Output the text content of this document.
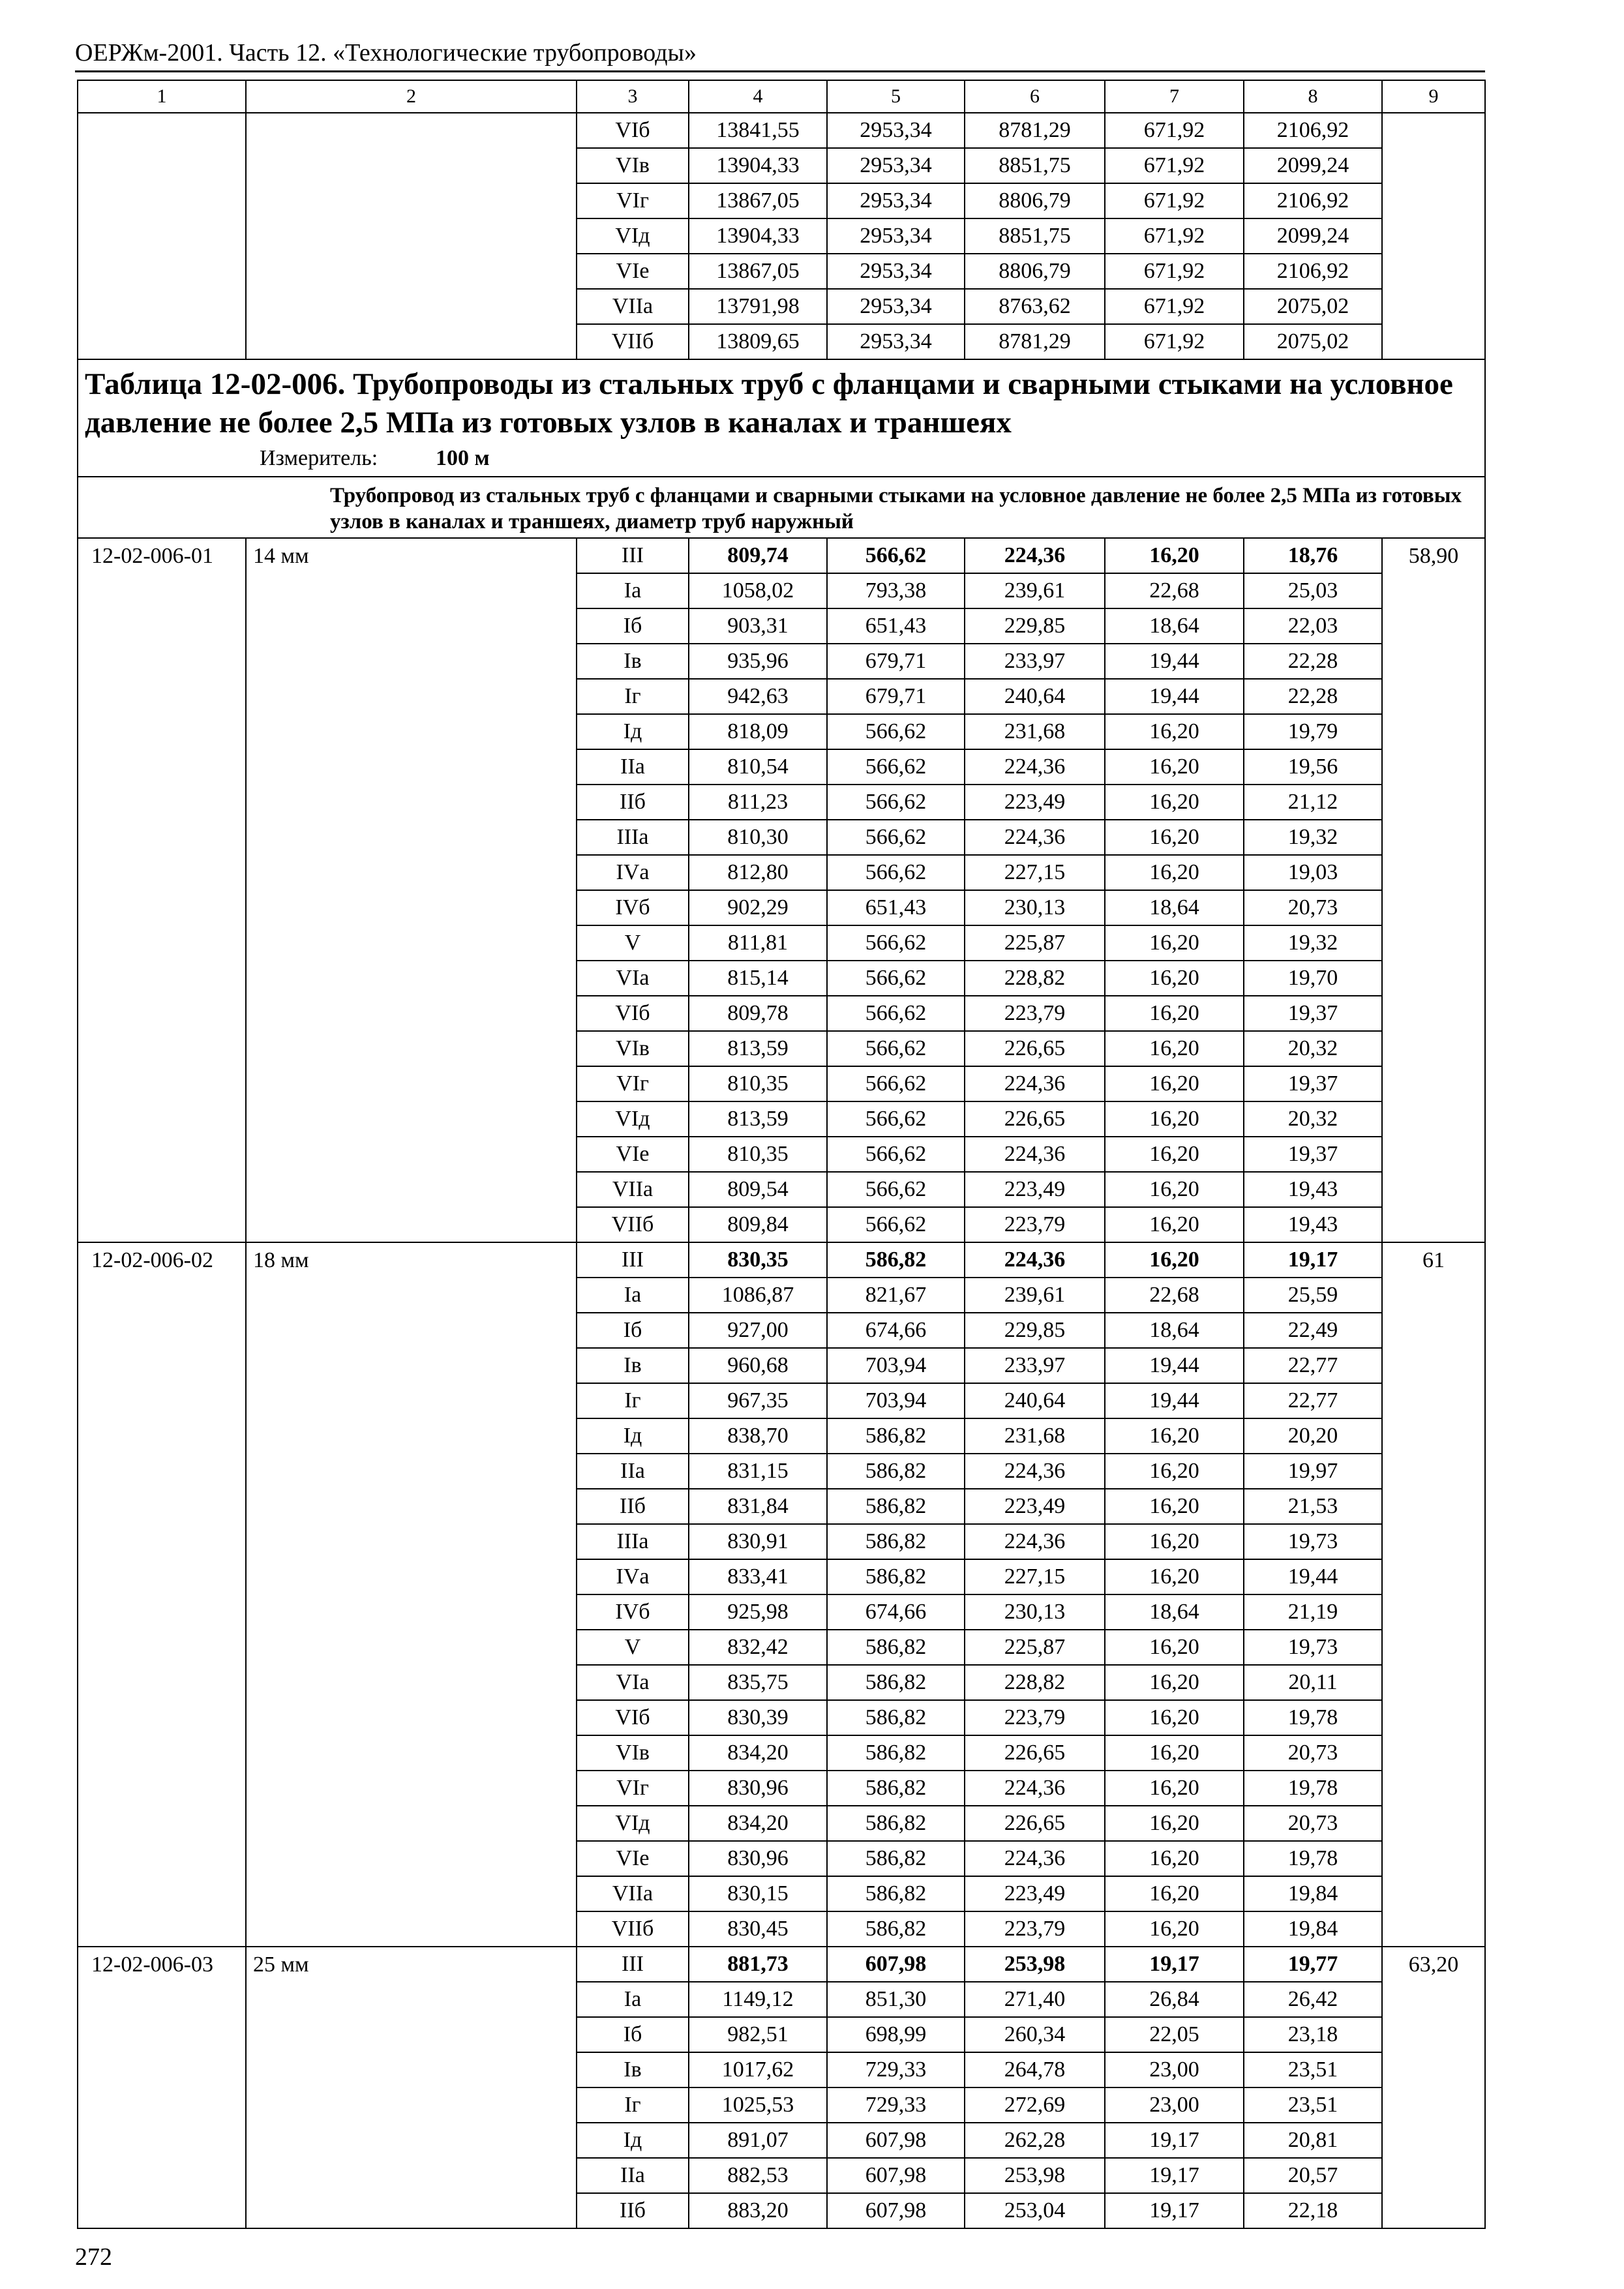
ОЕРЖм-2001. Часть 12. «Технологические трубопроводы»
1	2	3	4	5	6	7	8	9
		VIб	13841,55	2953,34	8781,29	671,92	2106,92	
		VIв	13904,33	2953,34	8851,75	671,92	2099,24	
		VIг	13867,05	2953,34	8806,79	671,92	2106,92	
		VIд	13904,33	2953,34	8851,75	671,92	2099,24	
		VIе	13867,05	2953,34	8806,79	671,92	2106,92	
		VIIа	13791,98	2953,34	8763,62	671,92	2075,02	
		VIIб	13809,65	2953,34	8781,29	671,92	2075,02	

Таблица 12-02-006. Трубопроводы из стальных труб с фланцами и сварными стыками на условное давление не более 2,5 МПа из готовых узлов в каналах и траншеях
Измеритель: 100 м								

Трубопровод из стальных труб с фланцами и сварными стыками на условное давление не более 2,5 МПа из готовых узлов в каналах и траншеях, диаметр труб наружный								
12-02-006-01	14 мм	III	809,74	566,62	224,36	16,20	18,76	58,90
		Iа	1058,02	793,38	239,61	22,68	25,03	
		Iб	903,31	651,43	229,85	18,64	22,03	
		Iв	935,96	679,71	233,97	19,44	22,28	
		Iг	942,63	679,71	240,64	19,44	22,28	
		Iд	818,09	566,62	231,68	16,20	19,79	
		IIа	810,54	566,62	224,36	16,20	19,56	
		IIб	811,23	566,62	223,49	16,20	21,12	
		IIIа	810,30	566,62	224,36	16,20	19,32	
		IVа	812,80	566,62	227,15	16,20	19,03	
		IVб	902,29	651,43	230,13	18,64	20,73	
		V	811,81	566,62	225,87	16,20	19,32	
		VIа	815,14	566,62	228,82	16,20	19,70	
		VIб	809,78	566,62	223,79	16,20	19,37	
		VIв	813,59	566,62	226,65	16,20	20,32	
		VIг	810,35	566,62	224,36	16,20	19,37	
		VIд	813,59	566,62	226,65	16,20	20,32	
		VIе	810,35	566,62	224,36	16,20	19,37	
		VIIа	809,54	566,62	223,49	16,20	19,43	
		VIIб	809,84	566,62	223,79	16,20	19,43	
12-02-006-02	18 мм	III	830,35	586,82	224,36	16,20	19,17	61
		Iа	1086,87	821,67	239,61	22,68	25,59	
		Iб	927,00	674,66	229,85	18,64	22,49	
		Iв	960,68	703,94	233,97	19,44	22,77	
		Iг	967,35	703,94	240,64	19,44	22,77	
		Iд	838,70	586,82	231,68	16,20	20,20	
		IIа	831,15	586,82	224,36	16,20	19,97	
		IIб	831,84	586,82	223,49	16,20	21,53	
		IIIа	830,91	586,82	224,36	16,20	19,73	
		IVа	833,41	586,82	227,15	16,20	19,44	
		IVб	925,98	674,66	230,13	18,64	21,19	
		V	832,42	586,82	225,87	16,20	19,73	
		VIа	835,75	586,82	228,82	16,20	20,11	
		VIб	830,39	586,82	223,79	16,20	19,78	
		VIв	834,20	586,82	226,65	16,20	20,73	
		VIг	830,96	586,82	224,36	16,20	19,78	
		VIд	834,20	586,82	226,65	16,20	20,73	
		VIе	830,96	586,82	224,36	16,20	19,78	
		VIIа	830,15	586,82	223,49	16,20	19,84	
		VIIб	830,45	586,82	223,79	16,20	19,84	
12-02-006-03	25 мм	III	881,73	607,98	253,98	19,17	19,77	63,20
		Iа	1149,12	851,30	271,40	26,84	26,42	
		Iб	982,51	698,99	260,34	22,05	23,18	
		Iв	1017,62	729,33	264,78	23,00	23,51	
		Iг	1025,53	729,33	272,69	23,00	23,51	
		Iд	891,07	607,98	262,28	19,17	20,81	
		IIа	882,53	607,98	253,98	19,17	20,57	
		IIб	883,20	607,98	253,04	19,17	22,18	
272
